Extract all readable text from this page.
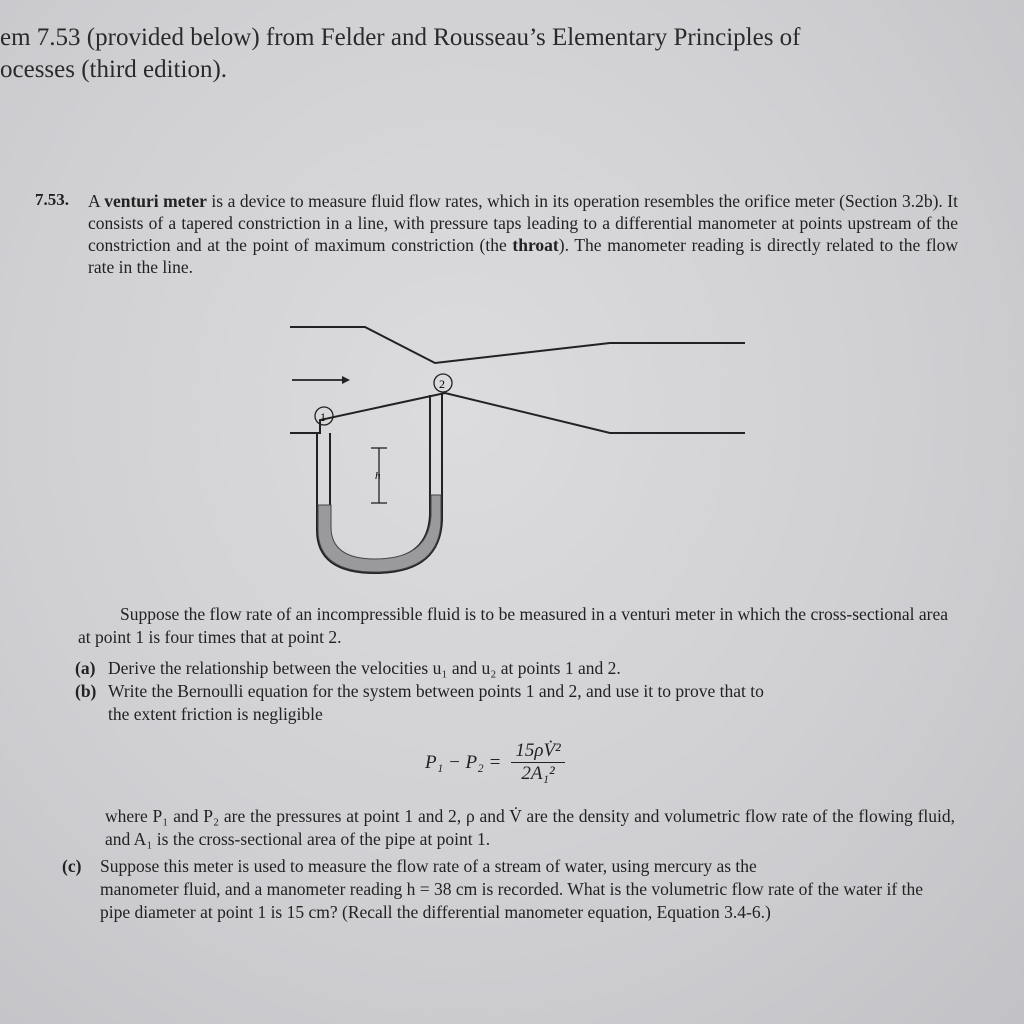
em 7.53 (provided below) from Felder and Rousseau’s Elementary Principles of
ocesses (third edition).
7.53. A venturi meter is a device to measure fluid flow rates, which in its operation resembles the orifice meter (Section 3.2b). It consists of a tapered constriction in a line, with pressure taps leading to a differential manometer at points upstream of the constriction and at the point of maximum constriction (the throat). The manometer reading is directly related to the flow rate in the line.
h
1
2
Suppose the flow rate of an incompressible fluid is to be measured in a venturi meter in which the cross-sectional area at point 1 is four times that at point 2.
(a) Derive the relationship between the velocities u₁ and u₂ at points 1 and 2.
(b) Write the Bernoulli equation for the system between points 1 and 2, and use it to prove that to
the extent friction is negligible
$P_1 - P_2 = \frac{\text{15ρV̇²}}{\text{2A₁²}}$
where P₁ and P₂ are the pressures at point 1 and 2, ρ and V̇ are the density and volumetric flow rate of the flowing fluid, and A₁ is the cross-sectional area of the pipe at point 1.
(c) Suppose this meter is used to measure the flow rate of a stream of water, using mercury as the
manometer fluid, and a manometer reading h = 38 cm is recorded. What is the volumetric flow rate of the water if the pipe diameter at point 1 is 15 cm? (Recall the differential manometer equation, Equation 3.4-6.)
